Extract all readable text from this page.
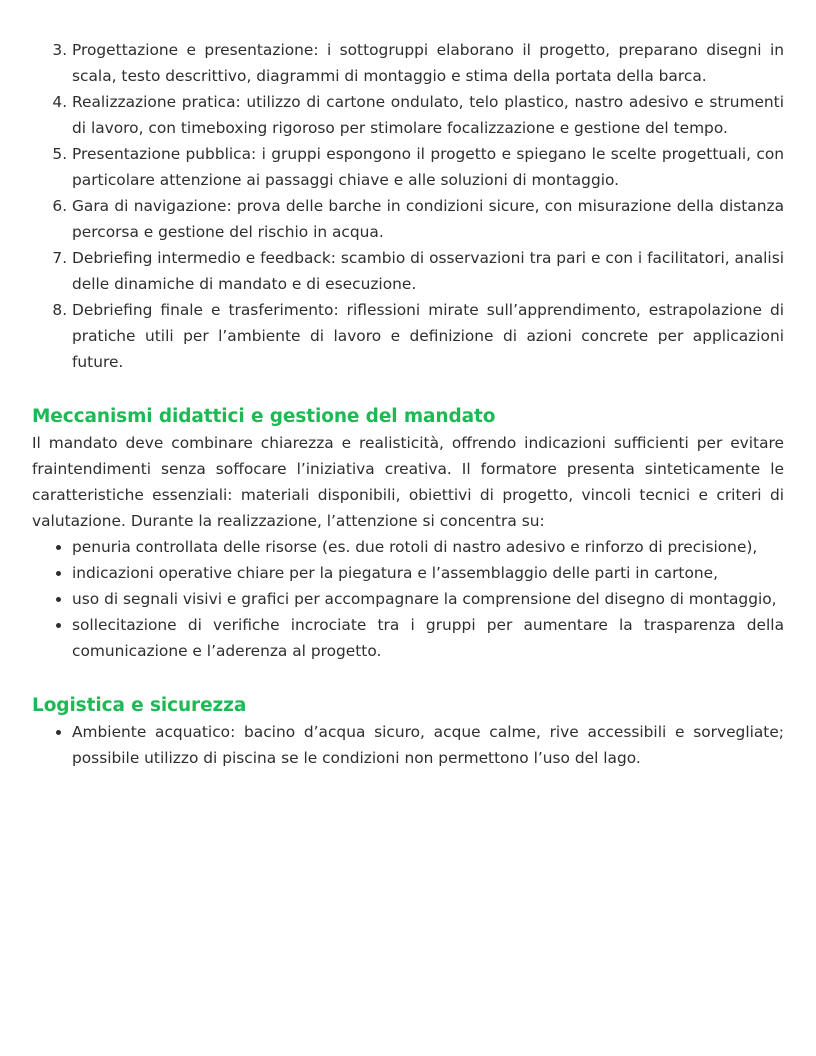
3. Progettazione e presentazione: i sottogruppi elaborano il progetto, preparano disegni in scala, testo descrittivo, diagrammi di montaggio e stima della portata della barca.
4. Realizzazione pratica: utilizzo di cartone ondulato, telo plastico, nastro adesivo e strumenti di lavoro, con timeboxing rigoroso per stimolare focalizzazione e gestione del tempo.
5. Presentazione pubblica: i gruppi espongono il progetto e spiegano le scelte progettuali, con particolare attenzione ai passaggi chiave e alle soluzioni di montaggio.
6. Gara di navigazione: prova delle barche in condizioni sicure, con misurazione della distanza percorsa e gestione del rischio in acqua.
7. Debriefing intermedio e feedback: scambio di osservazioni tra pari e con i facilitatori, analisi delle dinamiche di mandato e di esecuzione.
8. Debriefing finale e trasferimento: riflessioni mirate sull’apprendimento, estrapolazione di pratiche utili per l’ambiente di lavoro e definizione di azioni concrete per applicazioni future.
Meccanismi didattici e gestione del mandato

Il mandato deve combinare chiarezza e realisticità, offrendo indicazioni sufficienti per evitare fraintendimenti senza soffocare l’iniziativa creativa. Il formatore presenta sinteticamente le caratteristiche essenziali: materiali disponibili, obiettivi di progetto, vincoli tecnici e criteri di valutazione. Durante la realizzazione, l’attenzione si concentra su:

• penuria controllata delle risorse (es. due rotoli di nastro adesivo e rinforzo di precisione),
• indicazioni operative chiare per la piegatura e l’assemblaggio delle parti in cartone,
• uso di segnali visivi e grafici per accompagnare la comprensione del disegno di montaggio,
• sollecitazione di verifiche incrociate tra i gruppi per aumentare la trasparenza della comunicazione e l’aderenza al progetto.
Logistica e sicurezza
• Ambiente acquatico: bacino d’acqua sicuro, acque calme, rive accessibili e sorvegliate; possibile utilizzo di piscina se le condizioni non permettono l’uso del lago.
